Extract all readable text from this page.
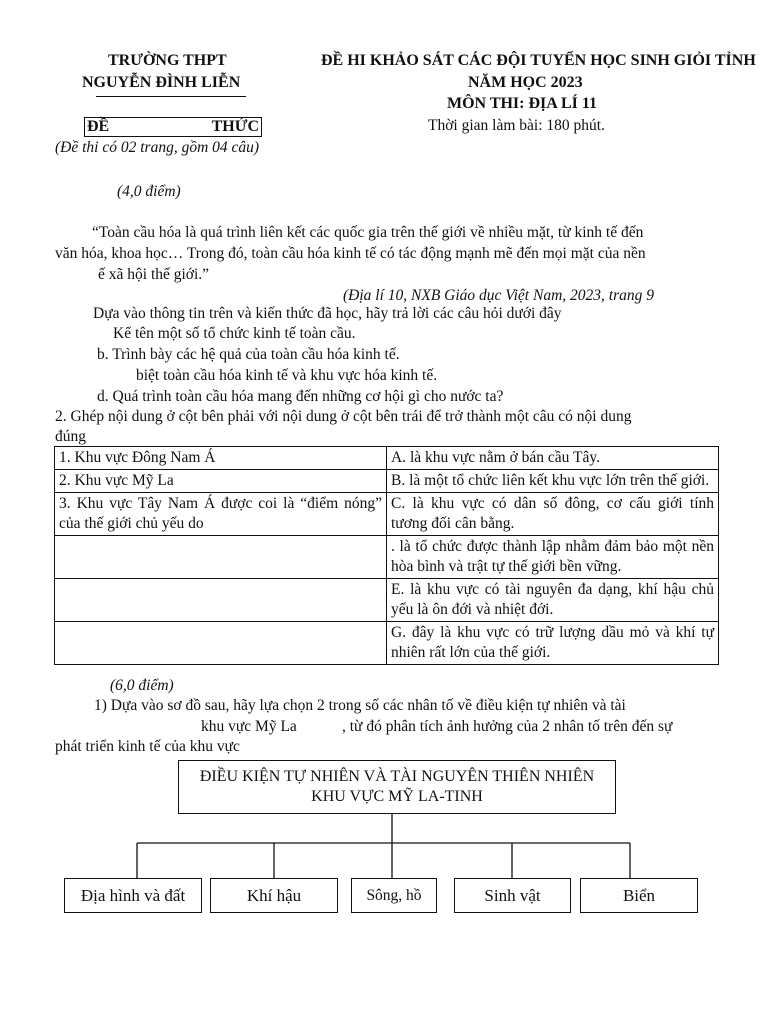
TRƯỜNG THPT
NGUYỄN ĐÌNH LIỄN
ĐỀ HI KHẢO SÁT CÁC ĐỘI TUYỂN HỌC SINH GIỎI TỈNH
NĂM HỌC 2023
MÔN THI: ĐỊA LÍ 11
ĐỀ	THỨC	Thời gian làm bài: 180 phút.
(Đề thi có 02 trang, gồm 04 câu)
(4,0 điểm)
“Toàn cầu hóa là quá trình liên kết các quốc gia trên thế giới về nhiều mặt, từ kinh tế đến
văn hóa, khoa học… Trong đó, toàn cầu hóa kinh tế có tác động mạnh mẽ đến mọi mặt của nền
ế xã hội thế giới.”
(Địa lí 10, NXB Giáo dục Việt Nam, 2023, trang 9
Dựa vào thông tin trên và kiến thức đã học, hãy trả lời các câu hỏi dưới đây
Kể tên một số tổ chức kinh tế toàn cầu.
b. Trình bày các hệ quả của toàn cầu hóa kinh tế.
biệt toàn cầu hóa kinh tế và khu vực hóa kinh tế.
d. Quá trình toàn cầu hóa mang đến những cơ hội gì cho nước ta?
2. Ghép nội dung ở cột bên phải với nội dung ở cột bên trái để trở thành một câu có nội dung
đúng
1. Khu vực Đông Nam Á	A. là khu vực nằm ở bán cầu Tây.
2. Khu vực Mỹ La	B. là một tổ chức liên kết khu vực lớn trên thế giới.
3. Khu vực Tây Nam Á được coi là “điểm nóng” của thế giới chủ yếu do	C. là khu vực có dân số đông, cơ cấu giới tính tương đối cân bằng.
	. là tổ chức được thành lập nhằm đảm bảo một nền hòa bình và trật tự thế giới bền vững.
	E. là khu vực có tài nguyên đa dạng, khí hậu chủ yếu là ôn đới và nhiệt đới.
	G. đây là khu vực có trữ lượng dầu mỏ và khí tự nhiên rất lớn của thế giới.
(6,0 điểm)
1) Dựa vào sơ đồ sau, hãy lựa chọn 2 trong số các nhân tố về điều kiện tự nhiên và tài
khu vực Mỹ La	, từ đó phân tích ảnh hưởng của 2 nhân tố trên đến sự
phát triển kinh tế của khu vực
ĐIỀU KIỆN TỰ NHIÊN VÀ TÀI NGUYÊN THIÊN NHIÊN
KHU VỰC MỸ LA-TINH
Địa hình và đất	Khí hậu	Sông, hồ	Sinh vật	Biển
